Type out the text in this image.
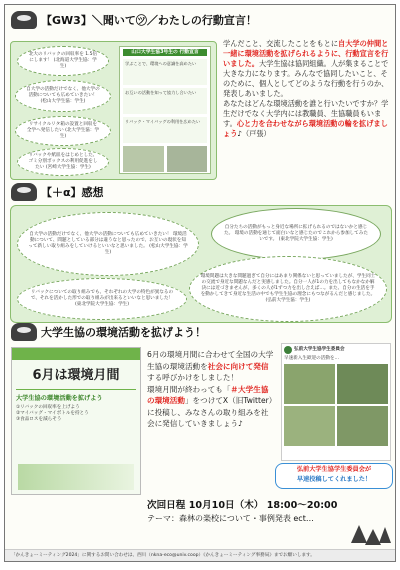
【GW3】＼聞いて㋡／わたしの行動宣言！
北大のリバックの回収率を 1.5倍にします！ (北海道大学生協：学生)
自大学の活動だけでなく、他大学の活動についても広めていきたい！ (松山大学生協：学生)
リサイクルリタ箱の設置と回収を 全学へ発信したい (北大学生協：学生)
リバックや紙皿をはじめとした、 ゴミ分別ボックスの利用促進をしたい (宮崎大学生協：学生)
山口大学生協3号生の 行動宣言
学ぶことで、環境への意識を高めたい
お互いの活動を知って協力し合いたい
リバック・マイバッグの利用を広めたい
学んだこと、交流したことをもとに自大学の仲間と一緒に環境活動を拡げられるように、行動宣言を行いました。大学生協は協同組織。人が集まることで大きな力になります。みんなで協同したいこと、そのために、個人としてどのような行動を行うのか、発表しあいました。
あなたはどんな環境活動を誰と行いたいですか？学生だけでなく大学内には教職員、生協職員もいます。心と力を合わせながら環境活動の輪を拡げましょう♪（戸張）
【＋α】感想
自大学の活動だけでなく、他大学の活動についても広めていきたい！ 環境活動について、問題としている部分は違うなと思ったので、お互いの現状を知って新しい取り組みをしていけるといいなと思いました。 (松山大学生協：学生)
自分たちの活動がもっと身近な場所に拡げられるのではないかと感じた。 環境の活動を通じて面白いなと感じたのでこれから参加してみたいです。 (東北学院大学生協：学生)
環境問題は大きな問題過ぎて自分にはあまり関係ないと思っていましたが、学生同士の交流で身近な問題なんだと実感しました。自分一人が1の力を出してもなかなか解決には近づきませんが、多くの人が1ずつ力を出し合えば…。また、自分の生活を手を動かしてきて身近な生活の中でも学生生協の理念にもつながるんだと感じました。 (弘前大学生協：学生)
リバックについての取り組みでも、それぞれの大学の特色が異なるので、それを活かした形での取り組みが出来るといいなと思いました！ (東北学院大学生協：学生)
大学生協の環境活動を拡げよう！
6月は環境月間
大学生協の環境活動を拡げよう
①リバックの回収率を上げよう
②マイバッグ・マイボトルを持とう
③食品ロスを減らそう
6月の環境月間に合わせて全国の大学生協の環境活動を社会に向けて発信する呼びかけをしました！
環境月間が終わっても「＃大学生協の環境活動」をつけてX（旧Twitter）に投稿し、みなさんの取り組みを社会に発信していきましょう♪
弘前大学生協学生委員会
早速新入生歓迎の活動を…
弘前大学生協学生委員会が
早速投稿してくれました！
次回日程 10月10日（木） 18:00～20:00
テーマ：森林の楽校について・事例発表 ect…
「かんきょーミーティング2024」に関するお問い合わせは、西川（nkna-eco@univ.coop）《かんきょーミーティング事務局》までお願いします。
